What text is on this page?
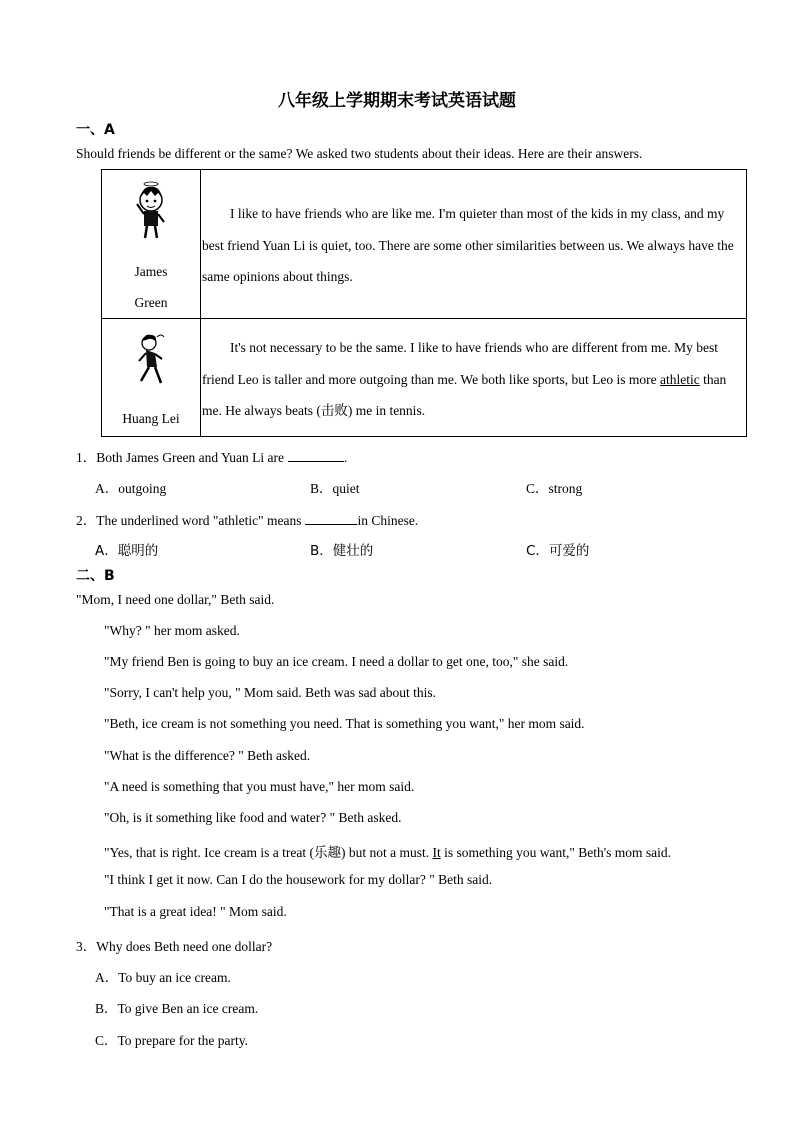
八年级上学期期末考试英语试题
一、A
Should friends be different or the same? We asked two students about their ideas. Here are their answers.
James
Green	I like to have friends who are like me. I'm quieter than most of the kids in my class, and my best friend Yuan Li is quiet, too. There are some other similarities between us. We always have the same opinions about things.

Huang Lei	It's not necessary to be the same. I like to have friends who are different from me. My best friend Leo is taller and more outgoing than me. We both like sports, but Leo is more athletic than me. He always beats (击败) me in tennis.
1．Both James Green and Yuan Li are	.
A．outgoing	B．quiet	C．strong
2．The underlined word "athletic" means	in Chinese.
A．聪明的	B．健壮的	C．可爱的
二、B
"Mom, I need one dollar," Beth said.
"Why? " her mom asked.
"My friend Ben is going to buy an ice cream. I need a dollar to get one, too," she said.
"Sorry, I can't help you, " Mom said. Beth was sad about this.
"Beth, ice cream is not something you need. That is something you want," her mom said.
"What is the difference? " Beth asked.
"A need is something that you must have," her mom said.
"Oh, is it something like food and water? " Beth asked.
"Yes, that is right. Ice cream is a treat (乐趣) but not a must. It is something you want," Beth's mom said.
"I think I get it now. Can I do the housework for my dollar? " Beth said.
"That is a great idea! " Mom said.
3．Why does Beth need one dollar?
A．To buy an ice cream.
B．To give Ben an ice cream.
C．To prepare for the party.
